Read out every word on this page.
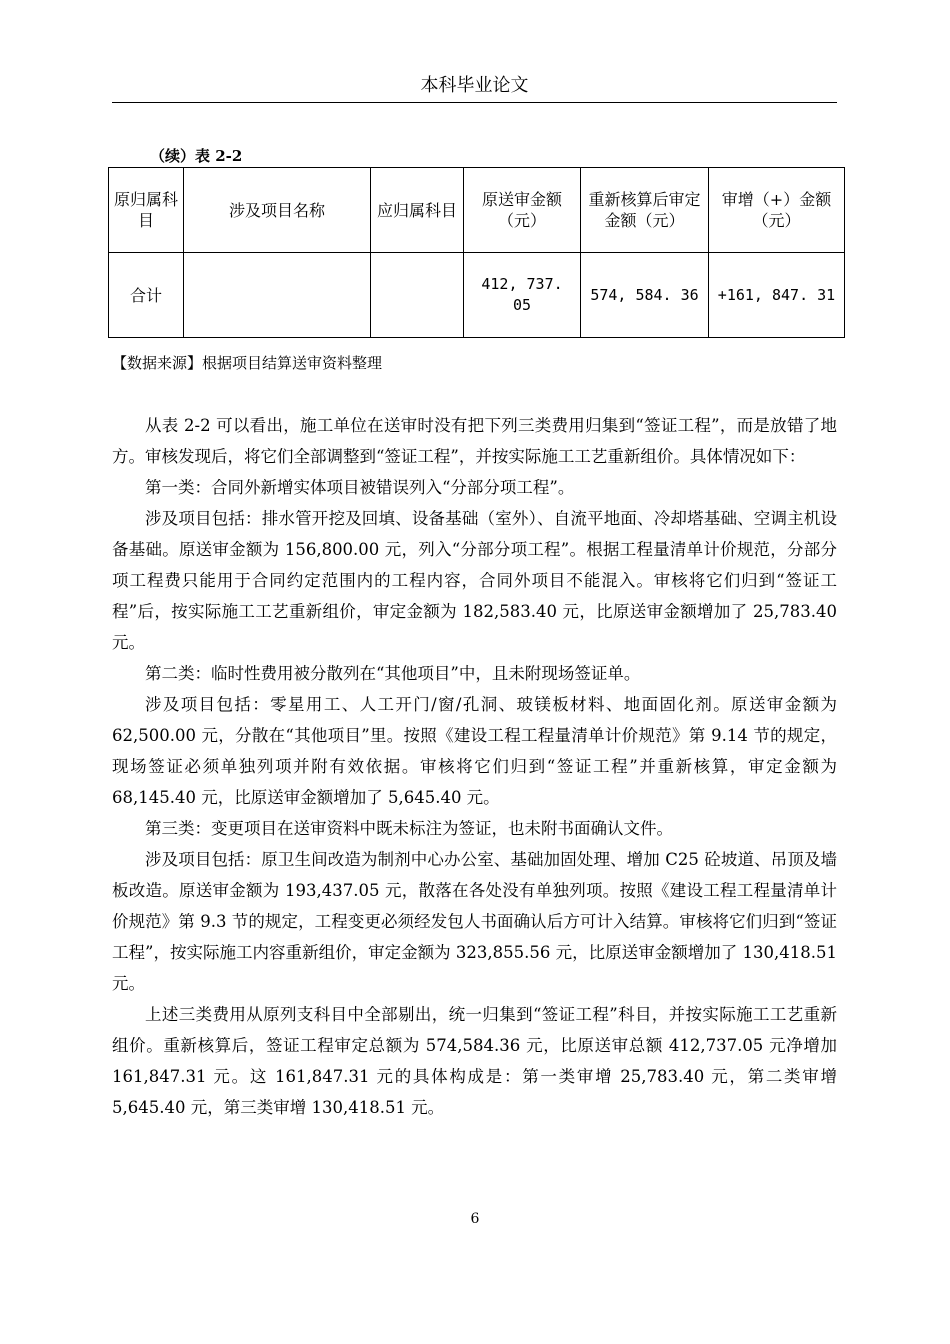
本科毕业论文
（续）表 2-2
原归属科目	涉及项目名称	应归属科目	原送审金额（元）	重新核算后审定金额（元）	审增（+）金额（元）
合计			412, 737. 05	574, 584. 36	+161, 847. 31
【数据来源】根据项目结算送审资料整理

从表 2-2 可以看出，施工单位在送审时没有把下列三类费用归集到“签证工程”，而是放错了地方。审核发现后，将它们全部调整到“签证工程”，并按实际施工工艺重新组价。具体情况如下：

第一类：合同外新增实体项目被错误列入“分部分项工程”。

涉及项目包括：排水管开挖及回填、设备基础（室外）、自流平地面、冷却塔基础、空调主机设备基础。原送审金额为 156,800.00 元，列入“分部分项工程”。根据工程量清单计价规范，分部分项工程费只能用于合同约定范围内的工程内容，合同外项目不能混入。审核将它们归到“签证工程”后，按实际施工工艺重新组价，审定金额为 182,583.40 元，比原送审金额增加了 25,783.40 元。

第二类：临时性费用被分散列在“其他项目”中，且未附现场签证单。

涉及项目包括：零星用工、人工开门/窗/孔洞、玻镁板材料、地面固化剂。原送审金额为 62,500.00 元，分散在“其他项目”里。按照《建设工程工程量清单计价规范》第 9.14 节的规定，现场签证必须单独列项并附有效依据。审核将它们归到“签证工程”并重新核算，审定金额为 68,145.40 元，比原送审金额增加了 5,645.40 元。

第三类：变更项目在送审资料中既未标注为签证，也未附书面确认文件。

涉及项目包括：原卫生间改造为制剂中心办公室、基础加固处理、增加 C25 砼坡道、吊顶及墙板改造。原送审金额为 193,437.05 元，散落在各处没有单独列项。按照《建设工程工程量清单计价规范》第 9.3 节的规定，工程变更必须经发包人书面确认后方可计入结算。审核将它们归到“签证工程”，按实际施工内容重新组价，审定金额为 323,855.56 元，比原送审金额增加了 130,418.51 元。

上述三类费用从原列支科目中全部剔出，统一归集到“签证工程”科目，并按实际施工工艺重新组价。重新核算后，签证工程审定总额为 574,584.36 元，比原送审总额 412,737.05 元净增加 161,847.31 元。这 161,847.31 元的具体构成是：第一类审增 25,783.40 元，第二类审增 5,645.40 元，第三类审增 130,418.51 元。

6
